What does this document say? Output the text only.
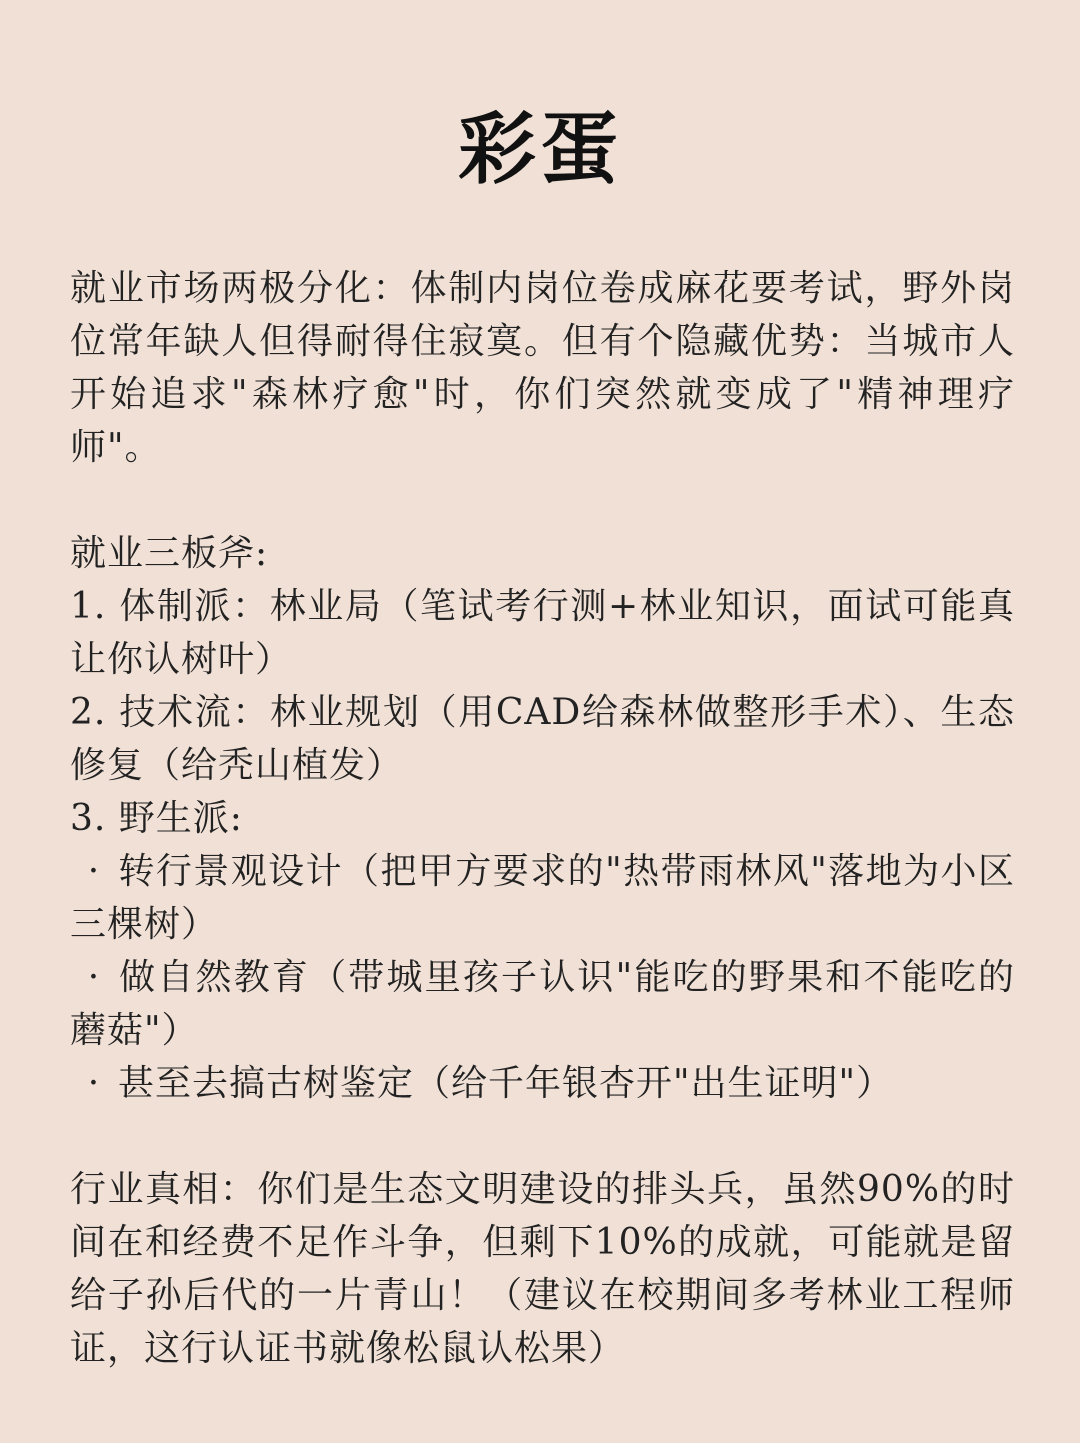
彩蛋

就业市场两极分化：体制内岗位卷成麻花要考试，野外岗位常年缺人但得耐得住寂寞。但有个隐藏优势：当城市人开始追求"森林疗愈"时，你们突然就变成了"精神理疗师"。

就业三板斧:

1. 体制派：林业局（笔试考行测+林业知识，面试可能真让你认树叶）

2. 技术流：林业规划（用CAD给森林做整形手术）、生态修复（给秃山植发）

3. 野生派:

· 转行景观设计（把甲方要求的"热带雨林风"落地为小区三棵树）

· 做自然教育（带城里孩子认识"能吃的野果和不能吃的蘑菇"）

· 甚至去搞古树鉴定（给千年银杏开"出生证明"）

行业真相：你们是生态文明建设的排头兵，虽然90%的时间在和经费不足作斗争，但剩下10%的成就，可能就是留给子孙后代的一片青山！（建议在校期间多考林业工程师证，这行认证书就像松鼠认松果）
